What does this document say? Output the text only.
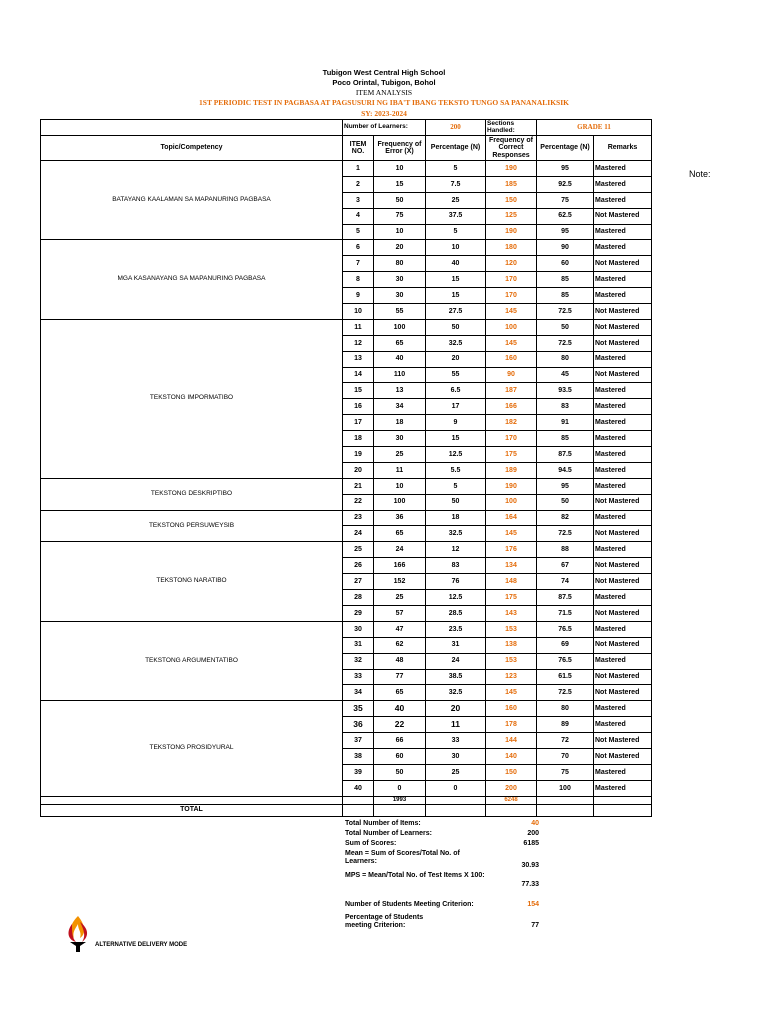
Tubigon West Central High School
Poco Orintal, Tubigon, Bohol
ITEM ANALYSIS
1ST PERIODIC TEST IN PAGBASA AT PAGSUSURI NG IBA'T IBANG TEKSTO TUNGO SA PANANALIKSIK
SY: 2023-2024
	Number of Learners:		200	Sections Handled:	GRADE 11	
Topic/Competency	ITEM NO.	Frequency of Error (X)	Percentage (N)	Frequency of Correct Responses	Percentage (N)	Remarks
BATAYANG KAALAMAN SA MAPANURING PAGBASA	1	10	5	190	95	Mastered
	2	15	7.5	185	92.5	Mastered
	3	50	25	150	75	Mastered
	4	75	37.5	125	62.5	Not Mastered
	5	10	5	190	95	Mastered
MGA KASANAYANG SA MAPANURING PAGBASA	6	20	10	180	90	Mastered
	7	80	40	120	60	Not Mastered
	8	30	15	170	85	Mastered
	9	30	15	170	85	Mastered
	10	55	27.5	145	72.5	Not Mastered
TEKSTONG IMPORMATIBO	11	100	50	100	50	Not Mastered
	12	65	32.5	145	72.5	Not Mastered
	13	40	20	160	80	Mastered
	14	110	55	90	45	Not Mastered
	15	13	6.5	187	93.5	Mastered
	16	34	17	166	83	Mastered
	17	18	9	182	91	Mastered
	18	30	15	170	85	Mastered
	19	25	12.5	175	87.5	Mastered
	20	11	5.5	189	94.5	Mastered
TEKSTONG DESKRIPTIBO	21	10	5	190	95	Mastered
	22	100	50	100	50	Not Mastered
TEKSTONG PERSUWEYSIB	23	36	18	164	82	Mastered
	24	65	32.5	145	72.5	Not Mastered
TEKSTONG NARATIBO	25	24	12	176	88	Mastered
	26	166	83	134	67	Not Mastered
	27	152	76	148	74	Not Mastered
	28	25	12.5	175	87.5	Mastered
	29	57	28.5	143	71.5	Not Mastered
TEKSTONG ARGUMENTATIBO	30	47	23.5	153	76.5	Mastered
	31	62	31	138	69	Not Mastered
	32	48	24	153	76.5	Mastered
	33	77	38.5	123	61.5	Not Mastered
	34	65	32.5	145	72.5	Not Mastered
TEKSTONG PROSIDYURAL	35	40	20	160	80	Mastered
	36	22	11	178	89	Mastered
	37	66	33	144	72	Not Mastered
	38	60	30	140	70	Not Mastered
	39	50	25	150	75	Mastered
	40	0	0	200	100	Mastered
		1993		6248		
TOTAL						
Note:
Total Number of Items:	40
Total Number of Learners:	200
Sum of Scores:	6185
Mean = Sum of Scores/Total No. of Learners:
30.93
MPS = Mean/Total No. of Test Items X 100:
77.33
Number of Students Meeting Criterion:	154
Percentage of Students meeting Criterion:	77
ALTERNATIVE DELIVERY MODE
